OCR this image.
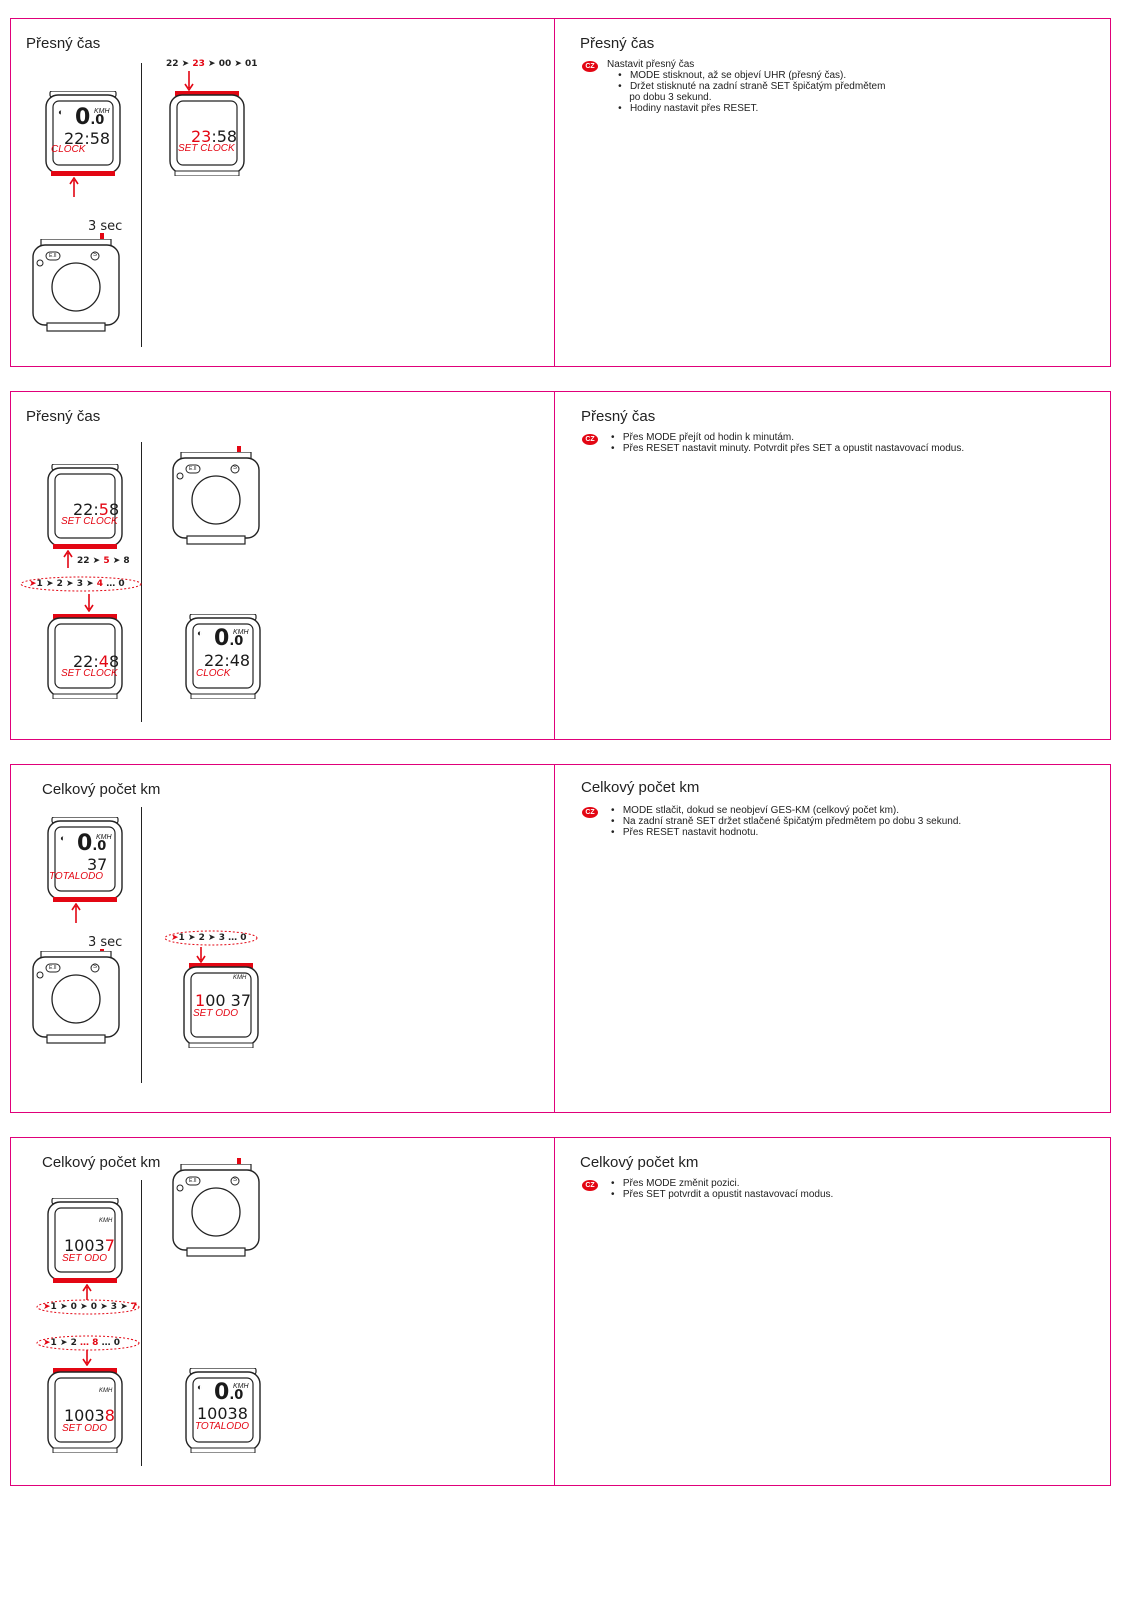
Přesný čas
◐ 0.0
KMH
22:58
CLOCK
3 sec
E.II	S
22 ➤ 23 ➤ 00 ➤ 01
23:58
SET CLOCK
Přesný čas
CZ	Nastavit přesný čas
•   MODE stisknout, až se objeví UHR (přesný čas).
•   Držet stisknuté na zadní straně SET špičatým předmětem
po dobu 3 sekund.
•   Hodiny nastavit přes RESET.
Přesný čas
22:58
SET CLOCK
22 ➤ 5 ➤ 8
➤1 ➤ 2 ➤ 3 ➤ 4 … 0
22:48
SET CLOCK
E.II	S
◐ 0.0
KMH
22:48
CLOCK
Přesný čas
CZ	•   Přes MODE přejít od hodin k minutám.
•   Přes RESET nastavit minuty. Potvrdit přes SET a opustit nastavovací modus.
Celkový počet km
◐ 0.0
KMH
37
TOTALODO
3 sec
E.II	S
➤1 ➤ 2 ➤ 3 … 0
KMH
100 37
SET ODO
Celkový počet km
CZ	•   MODE stlačit, dokud se neobjeví GES-KM (celkový počet km).
•   Na zadní straně SET držet stlačené špičatým předmětem po dobu 3 sekund.
•   Přes RESET nastavit hodnotu.
Celkový počet km
KMH
10037
SET ODO
➤1 ➤ 0 ➤ 0 ➤ 3 ➤ 7
➤1 ➤ 2 … 8 … 0
KMH
10038
SET ODO
E.II	S
◐ 0.0
KMH
10038
TOTALODO
Celkový počet km
CZ	•   Přes MODE změnit pozici.
•   Přes SET potvrdit a opustit nastavovací modus.
